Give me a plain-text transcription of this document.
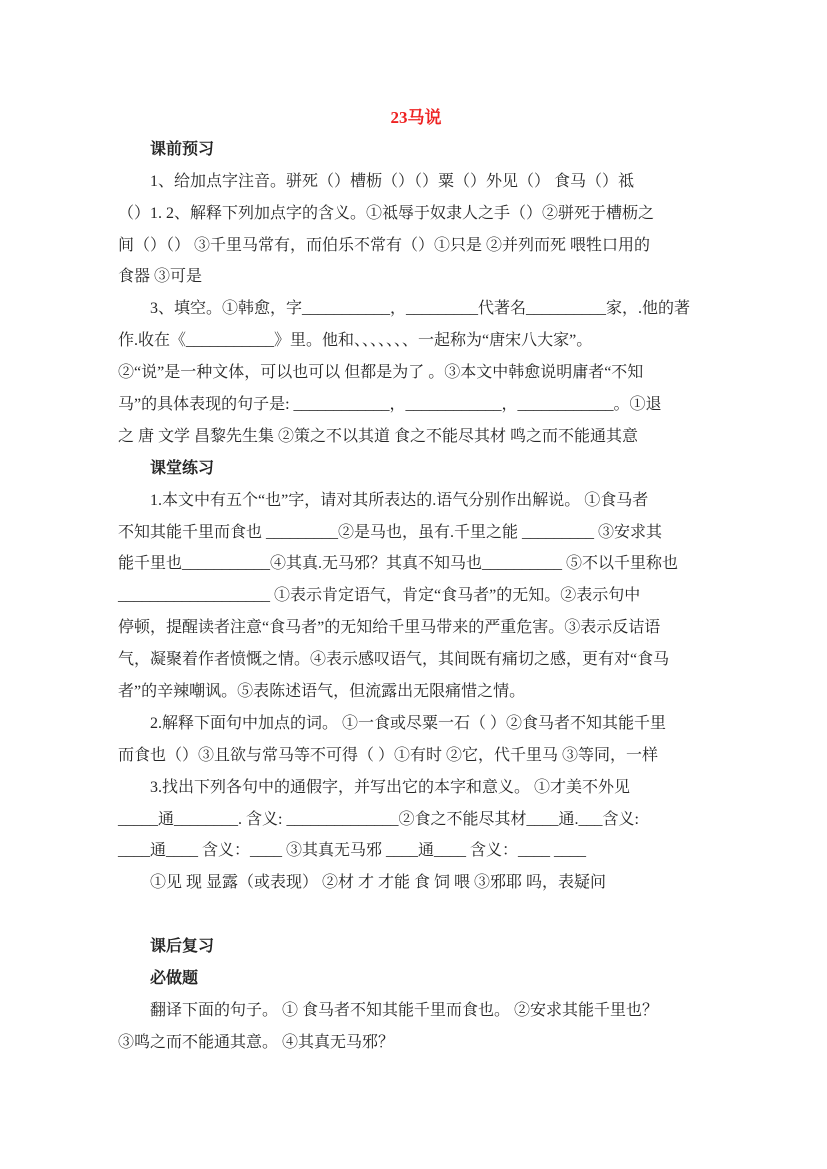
23马说
课前预习
1、给加点字注音。骈死（）槽枥（）（）粟（）外见（） 食马（）祗
（）1. 2、解释下列加点字的含义。①祗辱于奴隶人之手（）②骈死于槽枥之
间（）（） ③千里马常有，而伯乐不常有（）①只是 ②并列而死 喂牲口用的
食器 ③可是
3、填空。①韩愈，字___________，_________代著名__________家，.他的著
作.收在《___________》里。他和、、、、、、、一起称为“唐宋八大家”。
②“说”是一种文体，可以也可以 但都是为了 。③本文中韩愈说明庸者“不知
马”的具体表现的句子是: ____________，____________，____________。①退
之 唐 文学 昌黎先生集 ②策之不以其道 食之不能尽其材 鸣之而不能通其意
课堂练习
1.本文中有五个“也”字，请对其所表达的.语气分别作出解说。 ①食马者
不知其能千里而食也 _________②是马也，虽有.千里之能 _________ ③安求其
能千里也___________④其真.无马邪？其真不知马也__________ ⑤不以千里称也
___________________ ①表示肯定语气，肯定“食马者”的无知。②表示句中
停顿，提醒读者注意“食马者”的无知给千里马带来的严重危害。③表示反诘语
气，凝聚着作者愤慨之情。④表示感叹语气，其间既有痛切之感，更有对“食马
者”的辛辣嘲讽。⑤表陈述语气，但流露出无限痛惜之情。
2.解释下面句中加点的词。 ①一食或尽粟一石（ ）②食马者不知其能千里
而食也（）③且欲与常马等不可得（ ）①有时 ②它，代千里马 ③等同，一样
3.找出下列各句中的通假字，并写出它的本字和意义。 ①才美不外见
_____通________. 含义: ______________②食之不能尽其材____通.___含义:
____通____ 含义：____ ③其真无马邪 ____通____ 含义：____ ____
①见 现 显露（或表现） ②材 才 才能 食 饲 喂 ③邪耶 吗，表疑问
课后复习
必做题
翻译下面的句子。 ① 食马者不知其能千里而食也。 ②安求其能千里也？
③鸣之而不能通其意。 ④其真无马邪？
